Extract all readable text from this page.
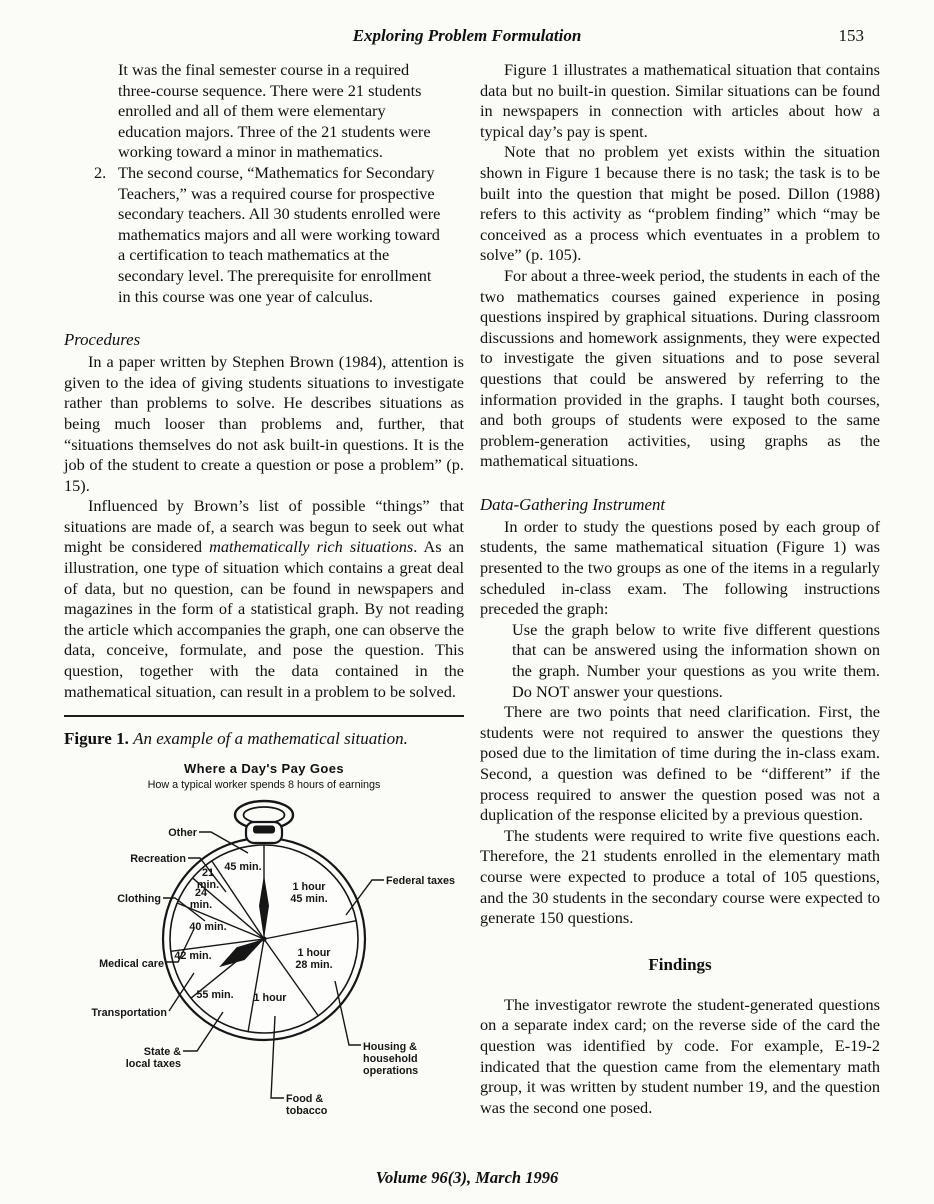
Exploring Problem Formulation	153
It was the final semester course in a required three-course sequence. There were 21 students enrolled and all of them were elementary education majors. Three of the 21 students were working toward a minor in mathematics.
2. The second course, “Mathematics for Secondary Teachers,” was a required course for prospective secondary teachers. All 30 students enrolled were mathematics majors and all were working toward a certification to teach mathematics at the secondary level. The prerequisite for enrollment in this course was one year of calculus.
Procedures

In a paper written by Stephen Brown (1984), attention is given to the idea of giving students situations to investigate rather than problems to solve. He describes situations as being much looser than problems and, further, that “situations themselves do not ask built-in questions. It is the job of the student to create a question or pose a problem” (p. 15).

Influenced by Brown’s list of possible “things” that situations are made of, a search was begun to seek out what might be considered mathematically rich situations. As an illustration, one type of situation which contains a great deal of data, but no question, can be found in newspapers and magazines in the form of a statistical graph. By not reading the article which accompanies the graph, one can observe the data, conceive, formulate, and pose the question. This question, together with the data contained in the mathematical situation, can result in a problem to be solved.

Figure 1. An example of a mathematical situation.

Where a Day's Pay Goes
How a typical worker spends 8 hours of earnings
1 hour 45 min.
Federal taxes
1 hour 28 min.
Housing & household operations
1 hour
Food & tobacco
55 min.
State & local taxes
42 min.
Transportation
40 min.
Medical care
24 min.
Clothing
21 min.
Recreation
45 min.
Other

Figure 1 illustrates a mathematical situation that contains data but no built-in question. Similar situations can be found in newspapers in connection with articles about how a typical day’s pay is spent.

Note that no problem yet exists within the situation shown in Figure 1 because there is no task; the task is to be built into the question that might be posed. Dillon (1988) refers to this activity as “problem finding” which “may be conceived as a process which eventuates in a problem to solve” (p. 105).

For about a three-week period, the students in each of the two mathematics courses gained experience in posing questions inspired by graphical situations. During classroom discussions and homework assignments, they were expected to investigate the given situations and to pose several questions that could be answered by referring to the information provided in the graphs. I taught both courses, and both groups of students were exposed to the same problem-generation activities, using graphs as the mathematical situations.

Data-Gathering Instrument

In order to study the questions posed by each group of students, the same mathematical situation (Figure 1) was presented to the two groups as one of the items in a regularly scheduled in-class exam. The following instructions preceded the graph:

Use the graph below to write five different questions that can be answered using the information shown on the graph. Number your questions as you write them. Do NOT answer your questions.

There are two points that need clarification. First, the students were not required to answer the questions they posed due to the limitation of time during the in-class exam. Second, a question was defined to be “different” if the process required to answer the question posed was not a duplication of the response elicited by a previous question.

The students were required to write five questions each. Therefore, the 21 students enrolled in the elementary math course were expected to produce a total of 105 questions, and the 30 students in the secondary course were expected to generate 150 questions.

Findings

The investigator rewrote the student-generated questions on a separate index card; on the reverse side of the card the question was identified by code. For example, E-19-2 indicated that the question came from the elementary math group, it was written by student number 19, and the question was the second one posed.

Volume 96(3), March 1996
